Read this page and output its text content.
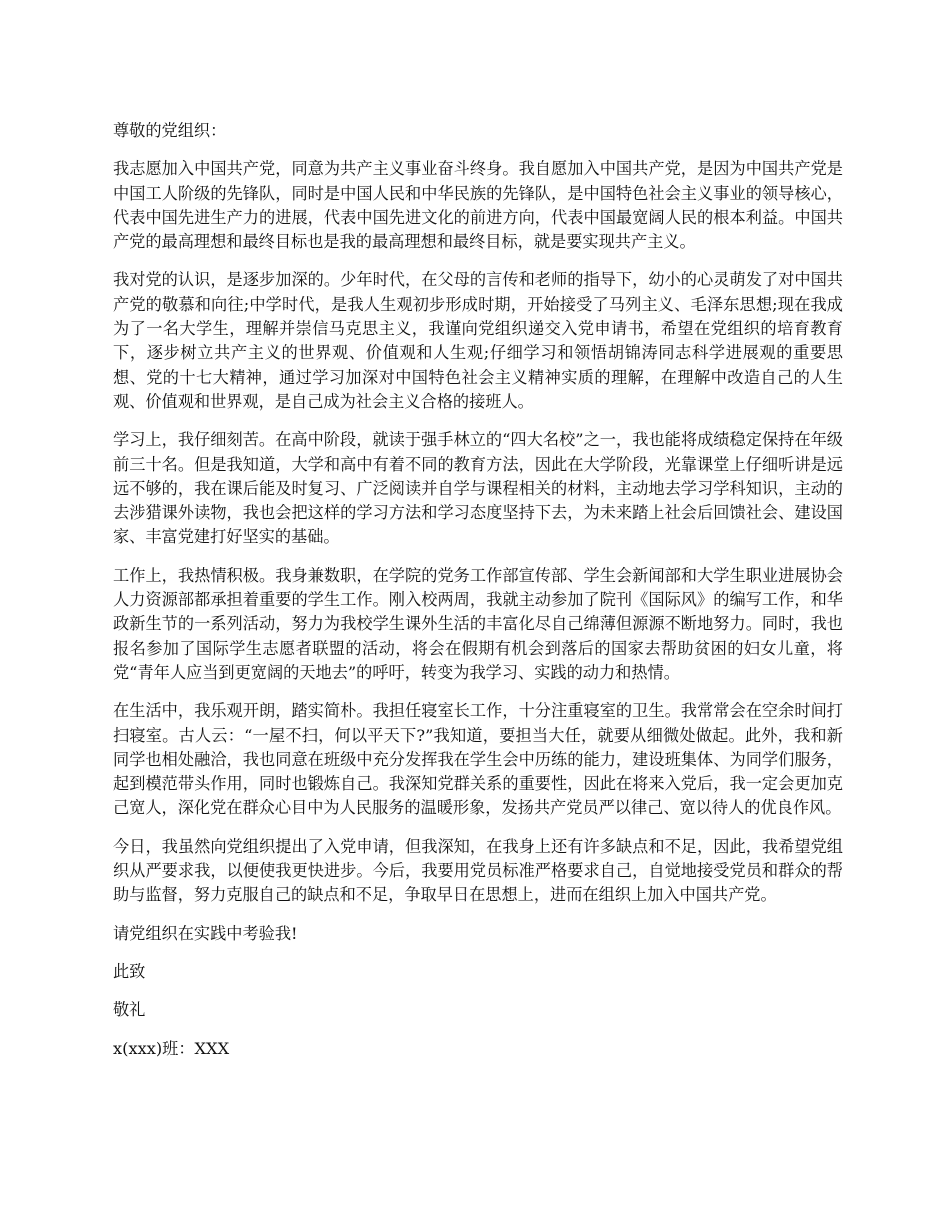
尊敬的党组织：

我志愿加入中国共产党，同意为共产主义事业奋斗终身。我自愿加入中国共产党，是因为中国共产党是中国工人阶级的先锋队，同时是中国人民和中华民族的先锋队，是中国特色社会主义事业的领导核心，代表中国先进生产力的进展，代表中国先进文化的前进方向，代表中国最宽阔人民的根本利益。中国共产党的最高理想和最终目标也是我的最高理想和最终目标，就是要实现共产主义。

我对党的认识，是逐步加深的。少年时代，在父母的言传和老师的指导下，幼小的心灵萌发了对中国共产党的敬慕和向往;中学时代，是我人生观初步形成时期，开始接受了马列主义、毛泽东思想;现在我成为了一名大学生，理解并崇信马克思主义，我谨向党组织递交入党申请书，希望在党组织的培育教育下，逐步树立共产主义的世界观、价值观和人生观;仔细学习和领悟胡锦涛同志科学进展观的重要思想、党的十七大精神，通过学习加深对中国特色社会主义精神实质的理解，在理解中改造自己的人生观、价值观和世界观，是自己成为社会主义合格的接班人。

学习上，我仔细刻苦。在高中阶段，就读于强手林立的“四大名校”之一，我也能将成绩稳定保持在年级前三十名。但是我知道，大学和高中有着不同的教育方法，因此在大学阶段，光靠课堂上仔细听讲是远远不够的，我在课后能及时复习、广泛阅读并自学与课程相关的材料，主动地去学习学科知识，主动的去涉猎课外读物，我也会把这样的学习方法和学习态度坚持下去，为未来踏上社会后回馈社会、建设国家、丰富党建打好坚实的基础。

工作上，我热情积极。我身兼数职，在学院的党务工作部宣传部、学生会新闻部和大学生职业进展协会人力资源部都承担着重要的学生工作。刚入校两周，我就主动参加了院刊《国际风》的编写工作，和华政新生节的一系列活动，努力为我校学生课外生活的丰富化尽自己绵薄但源源不断地努力。同时，我也报名参加了国际学生志愿者联盟的活动，将会在假期有机会到落后的国家去帮助贫困的妇女儿童，将党“青年人应当到更宽阔的天地去”的呼吁，转变为我学习、实践的动力和热情。

在生活中，我乐观开朗，踏实简朴。我担任寝室长工作，十分注重寝室的卫生。我常常会在空余时间打扫寝室。古人云：“一屋不扫，何以平天下?”我知道，要担当大任，就要从细微处做起。此外，我和新同学也相处融洽，我也同意在班级中充分发挥我在学生会中历练的能力，建设班集体、为同学们服务，起到模范带头作用，同时也锻炼自己。我深知党群关系的重要性，因此在将来入党后，我一定会更加克己宽人，深化党在群众心目中为人民服务的温暖形象，发扬共产党员严以律己、宽以待人的优良作风。

今日，我虽然向党组织提出了入党申请，但我深知，在我身上还有许多缺点和不足，因此，我希望党组织从严要求我，以便使我更快进步。今后，我要用党员标准严格要求自己，自觉地接受党员和群众的帮助与监督，努力克服自己的缺点和不足，争取早日在思想上，进而在组织上加入中国共产党。

请党组织在实践中考验我!

此致

敬礼

x(xxx)班：XXX
